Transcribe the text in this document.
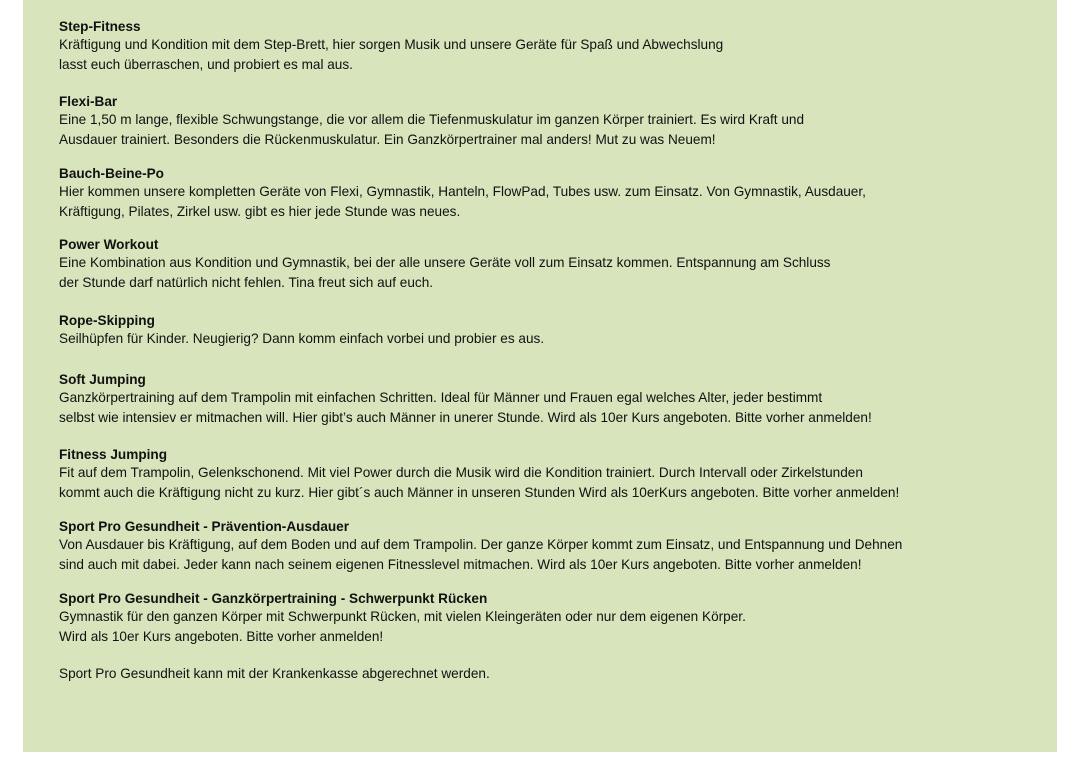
Step-Fitness
Kräftigung und Kondition mit dem Step-Brett, hier sorgen Musik und unsere Geräte für Spaß und Abwechslung
lasst euch überraschen, und probiert es mal aus.
Flexi-Bar
Eine 1,50 m lange, flexible Schwungstange, die vor allem die Tiefenmuskulatur im ganzen Körper trainiert. Es wird Kraft und
Ausdauer trainiert. Besonders die Rückenmuskulatur. Ein Ganzkörpertrainer mal anders! Mut zu was Neuem!
Bauch-Beine-Po
Hier kommen unsere kompletten Geräte von Flexi, Gymnastik, Hanteln, FlowPad, Tubes usw. zum Einsatz. Von Gymnastik, Ausdauer,
Kräftigung, Pilates, Zirkel usw. gibt es hier jede Stunde was neues.
Power Workout
Eine Kombination aus Kondition und Gymnastik, bei der alle unsere Geräte voll zum Einsatz kommen. Entspannung am Schluss
der Stunde darf natürlich nicht fehlen. Tina freut sich auf euch.
Rope-Skipping
Seilhüpfen für Kinder. Neugierig? Dann komm einfach vorbei und probier es aus.
Soft Jumping
Ganzkörpertraining auf dem Trampolin mit einfachen Schritten. Ideal für Männer und Frauen egal welches Alter, jeder bestimmt
selbst wie intensiev er mitmachen will. Hier gibt’s auch Männer in unerer Stunde. Wird als 10er Kurs angeboten. Bitte vorher anmelden!
Fitness Jumping
Fit auf dem Trampolin, Gelenkschonend. Mit viel Power durch die Musik wird die Kondition trainiert. Durch Intervall oder Zirkelstunden
kommt auch die Kräftigung nicht zu kurz. Hier gibt´s auch Männer in unseren Stunden Wird als 10erKurs angeboten. Bitte vorher anmelden!
Sport Pro Gesundheit - Prävention-Ausdauer
Von Ausdauer bis Kräftigung, auf dem Boden und auf dem Trampolin. Der ganze Körper kommt zum Einsatz, und Entspannung und Dehnen
sind auch mit dabei. Jeder kann nach seinem eigenen Fitnesslevel mitmachen. Wird als 10er Kurs angeboten. Bitte vorher anmelden!
Sport Pro Gesundheit - Ganzkörpertraining - Schwerpunkt Rücken
Gymnastik für den ganzen Körper mit Schwerpunkt Rücken, mit vielen Kleingeräten oder nur dem eigenen Körper.
Wird als 10er Kurs angeboten. Bitte vorher anmelden!
Sport Pro Gesundheit kann mit der Krankenkasse abgerechnet werden.
